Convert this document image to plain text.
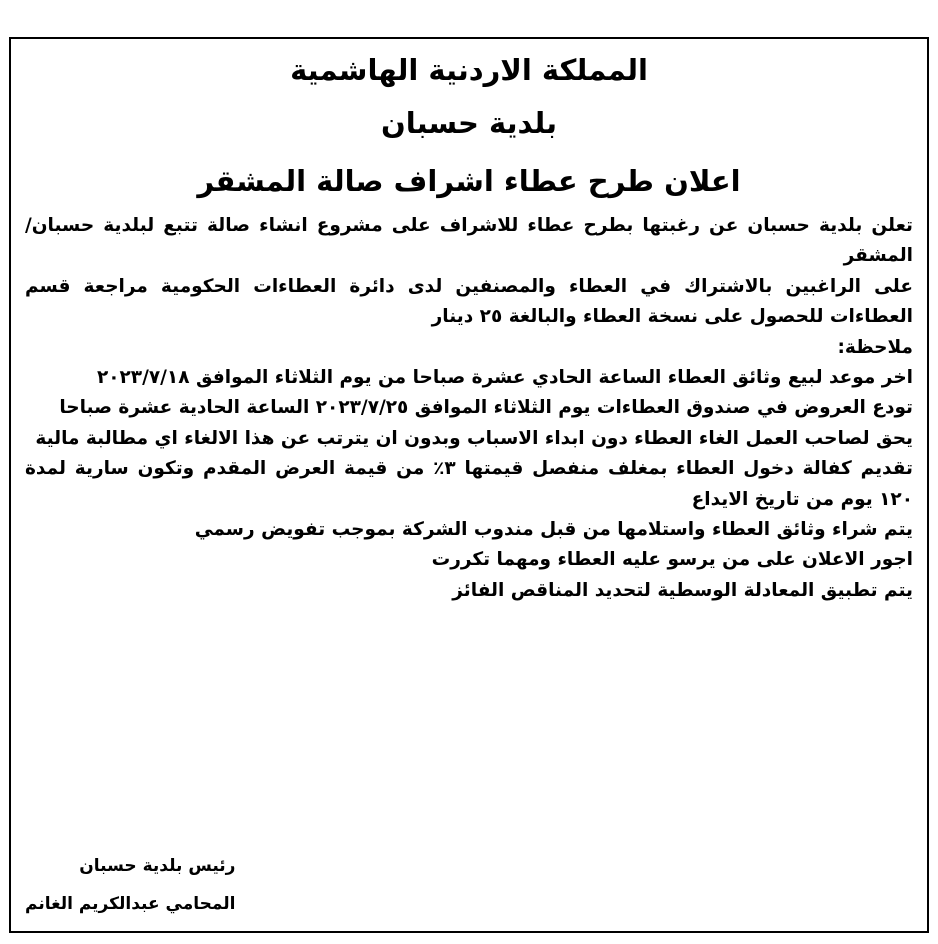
المملكة الاردنية الهاشمية
بلدية حسبان
اعلان طرح عطاء اشراف صالة المشقر

تعلن بلدية حسبان عن رغبتها بطرح عطاء للاشراف على مشروع انشاء صالة تتبع لبلدية حسبان/ المشقر

على الراغبين بالاشتراك في العطاء والمصنفين لدى دائرة العطاءات الحكومية مراجعة قسم العطاءات للحصول على نسخة العطاء والبالغة ٢٥ دينار

ملاحظة:

اخر موعد لبيع وثائق العطاء الساعة الحادي عشرة صباحا من يوم الثلاثاء الموافق ٢٠٢٣/٧/١٨

تودع العروض في صندوق العطاءات يوم الثلاثاء الموافق ٢٠٢٣/٧/٢٥ الساعة الحادية عشرة صباحا

يحق لصاحب العمل الغاء العطاء دون ابداء الاسباب وبدون ان يترتب عن هذا الالغاء اي مطالبة مالية

تقديم كفالة دخول العطاء بمغلف منفصل قيمتها ٣٪ من قيمة العرض المقدم وتكون سارية لمدة ١٢٠ يوم من تاريخ الايداع

يتم شراء وثائق العطاء واستلامها من قبل مندوب الشركة بموجب تفويض رسمي

اجور الاعلان على من يرسو عليه العطاء ومهما تكررت

يتم تطبيق المعادلة الوسطية لتحديد المناقص الفائز

رئيس بلدية حسبان
المحامي عبدالكريم الغانم
